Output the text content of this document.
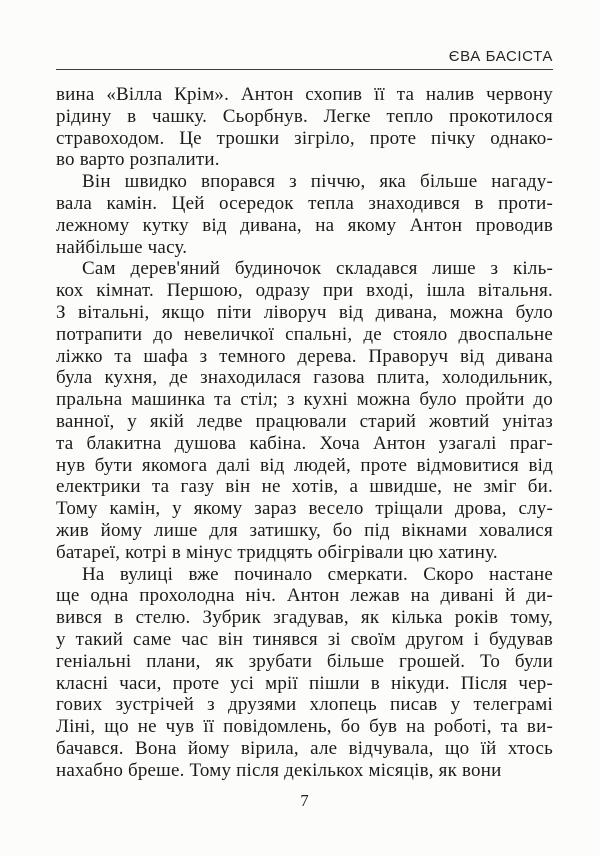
ЄВА БАСІСТА

вина «Вілла Крім». Антон схопив її та налив червону
рідину в чашку. Сьорбнув. Легке тепло прокотилося
стравоходом. Це трошки зігріло, проте пічку однако-
во варто розпалити.

Він швидко впорався з піччю, яка більше нагаду-
вала камін. Цей осередок тепла знаходився в проти-
лежному кутку від дивана, на якому Антон проводив
найбільше часу.

Сам дерев'яний будиночок складався лише з кіль-
кох кімнат. Першою, одразу при вході, ішла вітальня.
З вітальні, якщо піти ліворуч від дивана, можна було
потрапити до невеличкої спальні, де стояло двоспальне
ліжко та шафа з темного дерева. Праворуч від дивана
була кухня, де знаходилася газова плита, холодильник,
пральна машинка та стіл; з кухні можна було пройти до
ванної, у якій ледве працювали старий жовтий унітаз
та блакитна душова кабіна. Хоча Антон узагалі праг-
нув бути якомога далі від людей, проте відмовитися від
електрики та газу він не хотів, а швидше, не зміг би.
Тому камін, у якому зараз весело тріщали дрова, слу-
жив йому лише для затишку, бо під вікнами ховалися
батареї, котрі в мінус тридцять обігрівали цю хатину.

На вулиці вже починало смеркати. Скоро настане
ще одна прохолодна ніч. Антон лежав на дивані й ди-
вився в стелю. Зубрик згадував, як кілька років тому,
у такий саме час він тинявся зі своїм другом і будував
геніальні плани, як зрубати більше грошей. То були
класні часи, проте усі мрії пішли в нікуди. Після чер-
гових зустрічей з друзями хлопець писав у телеграмі
Ліні, що не чув її повідомлень, бо був на роботі, та ви-
бачався. Вона йому вірила, але відчувала, що їй хтось
нахабно бреше. Тому після декількох місяців, як вони

7
